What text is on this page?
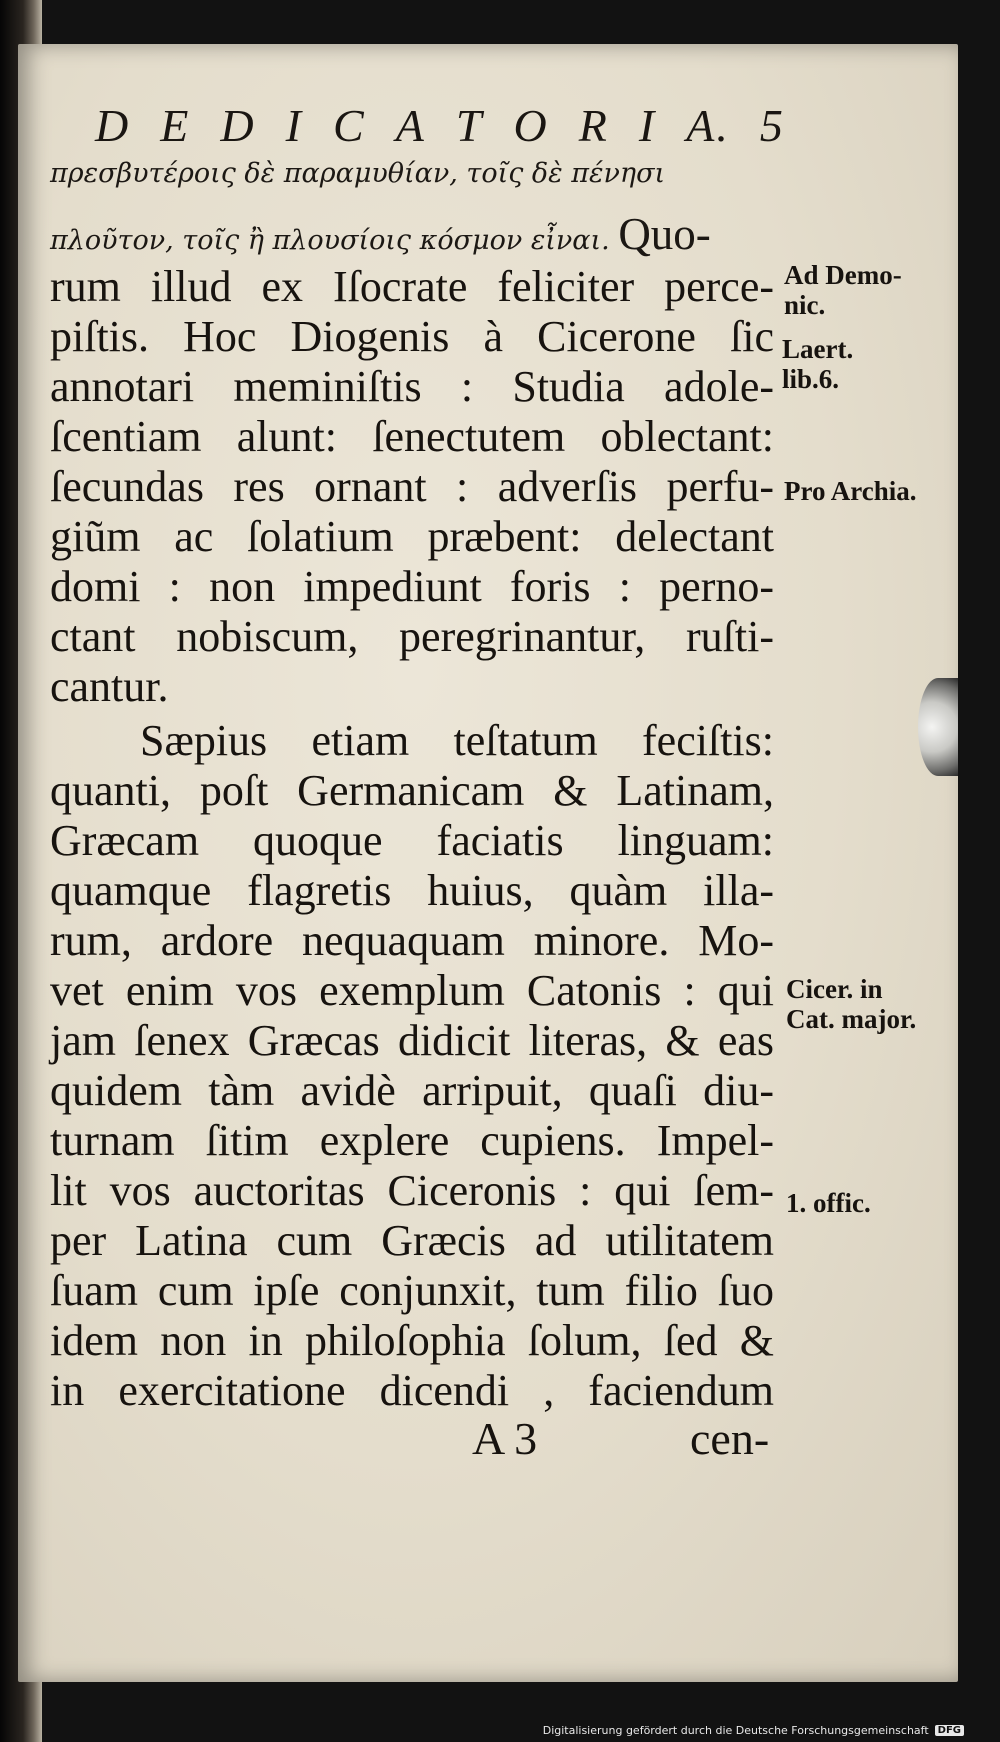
D E D I C A T O R I A. 5
πρεσβυτέροις δὲ παραμυθίαν, τοῖς δὲ πένησι
πλοῦτον, τοῖς ἢ πλουσίοις κόσμον εἶναι. Quo-
rum illud ex Iſocrate feliciter perce-
piſtis. Hoc Diogenis à Cicerone ſic
annotari meminiſtis : Studia adole-
ſcentiam alunt: ſenectutem oblectant:
ſecundas res ornant : adverſis perfu-
giũm ac ſolatium præbent: delectant
domi : non impediunt foris : perno-
ctant nobiscum, peregrinantur, ruſti-
cantur.
Sæpius etiam teſtatum feciſtis:
quanti, poſt Germanicam & Latinam,
Græcam quoque faciatis linguam:
quamque flagretis huius, quàm illa-
rum, ardore nequaquam minore. Mo-
vet enim vos exemplum Catonis : qui
jam ſenex Græcas didicit literas, & eas
quidem tàm avidè arripuit, quaſi diu-
turnam ſitim explere cupiens. Impel-
lit vos auctoritas Ciceronis : qui ſem-
per Latina cum Græcis ad utilitatem
ſuam cum ipſe conjunxit, tum filio ſuo
idem non in philoſophia ſolum, ſed &
in exercitatione dicendi , faciendum
Ad Demo-
nic.
Laert.
lib.6.
Pro Archia.
Cicer. in
Cat. major.
1. offic.
A 3	cen-
Digitalisierung gefördert durch die Deutsche Forschungsgemeinschaft DFG
